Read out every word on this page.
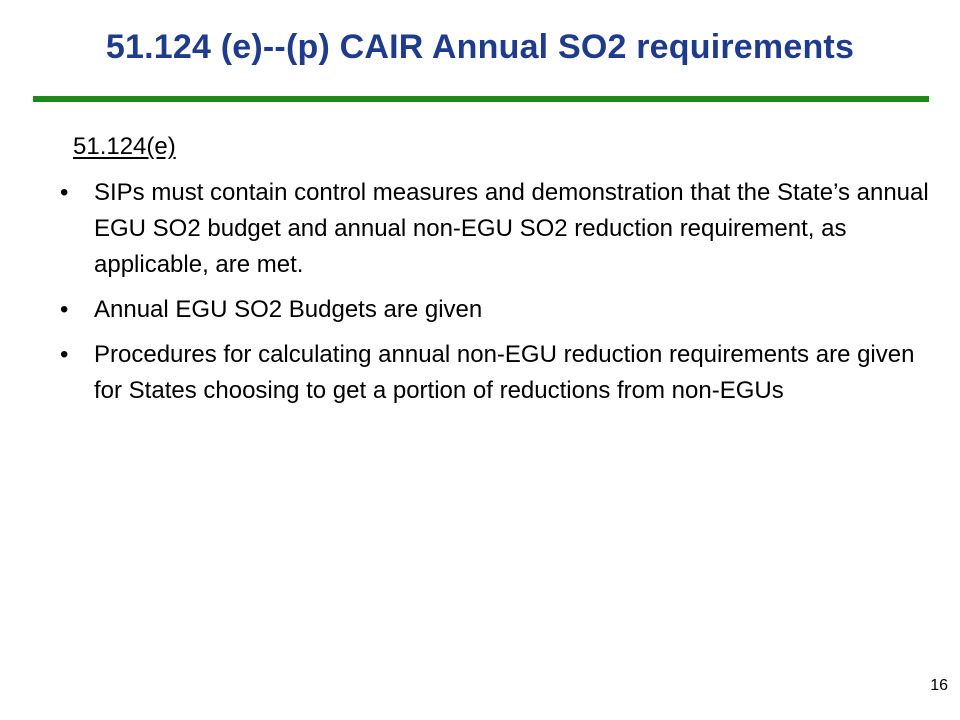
51.124 (e)--(p) CAIR Annual SO2 requirements
51.124(e)
• SIPs must contain control measures and demonstration that the State’s annual EGU SO2 budget and annual non-EGU SO2 reduction requirement, as applicable, are met.
• Annual EGU SO2 Budgets are given
• Procedures for calculating annual non-EGU reduction requirements are given for States choosing to get a portion of reductions from non-EGUs
16
